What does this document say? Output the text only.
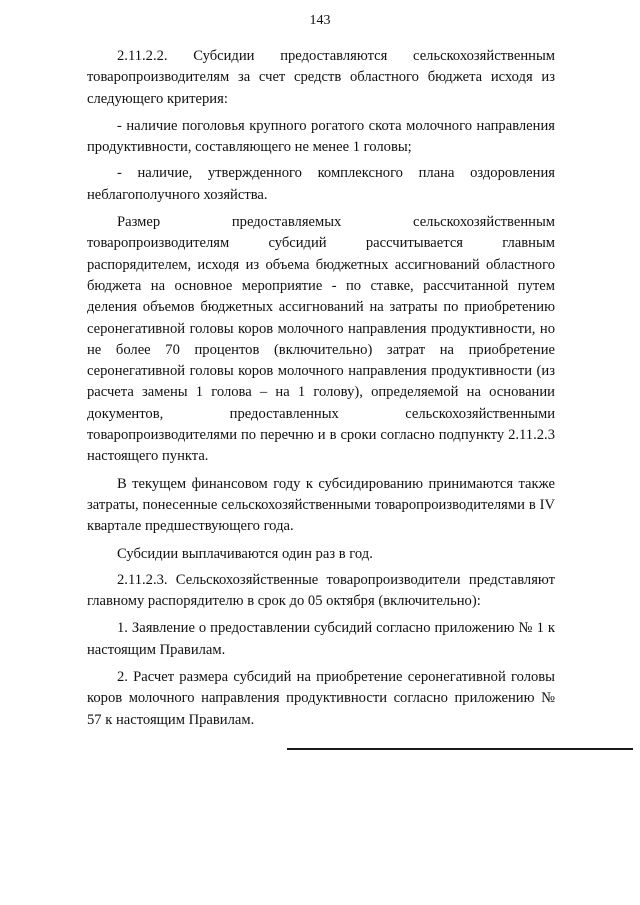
143

2.11.2.2. Субсидии предоставляются сельскохозяйственным товаропроизводителям за счет средств областного бюджета исходя из следующего критерия:

- наличие поголовья крупного рогатого скота молочного направления продуктивности, составляющего не менее 1 головы;

- наличие, утвержденного комплексного плана оздоровления неблагополучного хозяйства.

Размер предоставляемых сельскохозяйственным товаропроизводителям субсидий рассчитывается главным распорядителем, исходя из объема бюджетных ассигнований областного бюджета на основное мероприятие - по ставке, рассчитанной путем деления объемов бюджетных ассигнований на затраты по приобретению серонегативной головы коров молочного направления продуктивности, но не более 70 процентов (включительно) затрат на приобретение серонегативной головы коров молочного направления продуктивности (из расчета замены 1 голова – на 1 голову), определяемой на основании документов, предоставленных сельскохозяйственными товаропроизводителями по перечню и в сроки согласно подпункту 2.11.2.3 настоящего пункта.

В текущем финансовом году к субсидированию принимаются также затраты, понесенные сельскохозяйственными товаропроизводителями в IV квартале предшествующего года.

Субсидии выплачиваются один раз в год.

2.11.2.3. Сельскохозяйственные товаропроизводители представляют главному распорядителю в срок до 05 октября (включительно):

1. Заявление о предоставлении субсидий согласно приложению № 1 к настоящим Правилам.

2. Расчет размера субсидий на приобретение серонегативной головы коров молочного направления продуктивности согласно приложению № 57 к настоящим Правилам.
